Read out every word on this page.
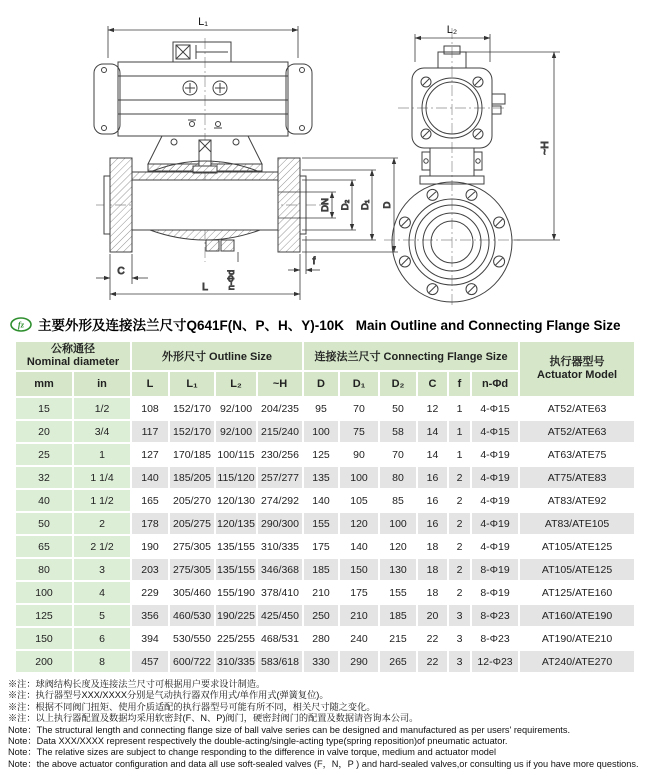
L₁
DN D₂ D₁ D
C
L
f
n-Φd
L₂
~H
fz 主要外形及连接法兰尺寸Q641F(N、P、H、Y)-10K Main Outline and Connecting Flange Size
公称通径
Nominal diameter		外形尺寸 Outline Size				连接法兰尺寸 Connecting Flange Size						执行器型号
Actuator Model

mm	in	L	L₁	L₂	~H	D	D₁	D₂	C	f	n-Φd	
15	1/2	108	152/170	92/100	204/235	95	70	50	12	1	4-Φ15	AT52/ATE63
20	3/4	117	152/170	92/100	215/240	100	75	58	14	1	4-Φ15	AT52/ATE63
25	1	127	170/185	100/115	230/256	125	90	70	14	1	4-Φ19	AT63/ATE75
32	1 1/4	140	185/205	115/120	257/277	135	100	80	16	2	4-Φ19	AT75/ATE83
40	1 1/2	165	205/270	120/130	274/292	140	105	85	16	2	4-Φ19	AT83/ATE92
50	2	178	205/275	120/135	290/300	155	120	100	16	2	4-Φ19	AT83/ATE105
65	2 1/2	190	275/305	135/155	310/335	175	140	120	18	2	4-Φ19	AT105/ATE125
80	3	203	275/305	135/155	346/368	185	150	130	18	2	8-Φ19	AT105/ATE125
100	4	229	305/460	155/190	378/410	210	175	155	18	2	8-Φ19	AT125/ATE160
125	5	356	460/530	190/225	425/450	250	210	185	20	3	8-Φ23	AT160/ATE190
150	6	394	530/550	225/255	468/531	280	240	215	22	3	8-Φ23	AT190/ATE210
200	8	457	600/722	310/335	583/618	330	290	265	22	3	12-Φ23	AT240/ATE270
※注：球阀结构长度及连接法兰尺寸可根据用户要求设计制造。
※注：执行器型号XXX/XXXX分别是气动执行器双作用式/单作用式(弹簧复位)。
※注：根据不同阀门扭矩、使用介质适配的执行器型号可能有所不同，相关尺寸随之变化。
※注：以上执行器配置及数据均采用软密封(F、N、P)阀门，硬密封阀门的配置及数据请咨询本公司。
Note：The structural length and connecting flange size of ball valve series can be designed and manufactured as per users' requirements.
Note：Data XXX/XXXX represent respectively the double-acting/single-acting type(spring reposition)of pneumatic actuator.
Note：The relative sizes are subject to change responding to the difference in valve torque, medium and actuator model
Note：the above actuator configuration and data all use soft-sealed valves (F，N，P ) and hard-sealed valves,or consulting us if you have more questions.
